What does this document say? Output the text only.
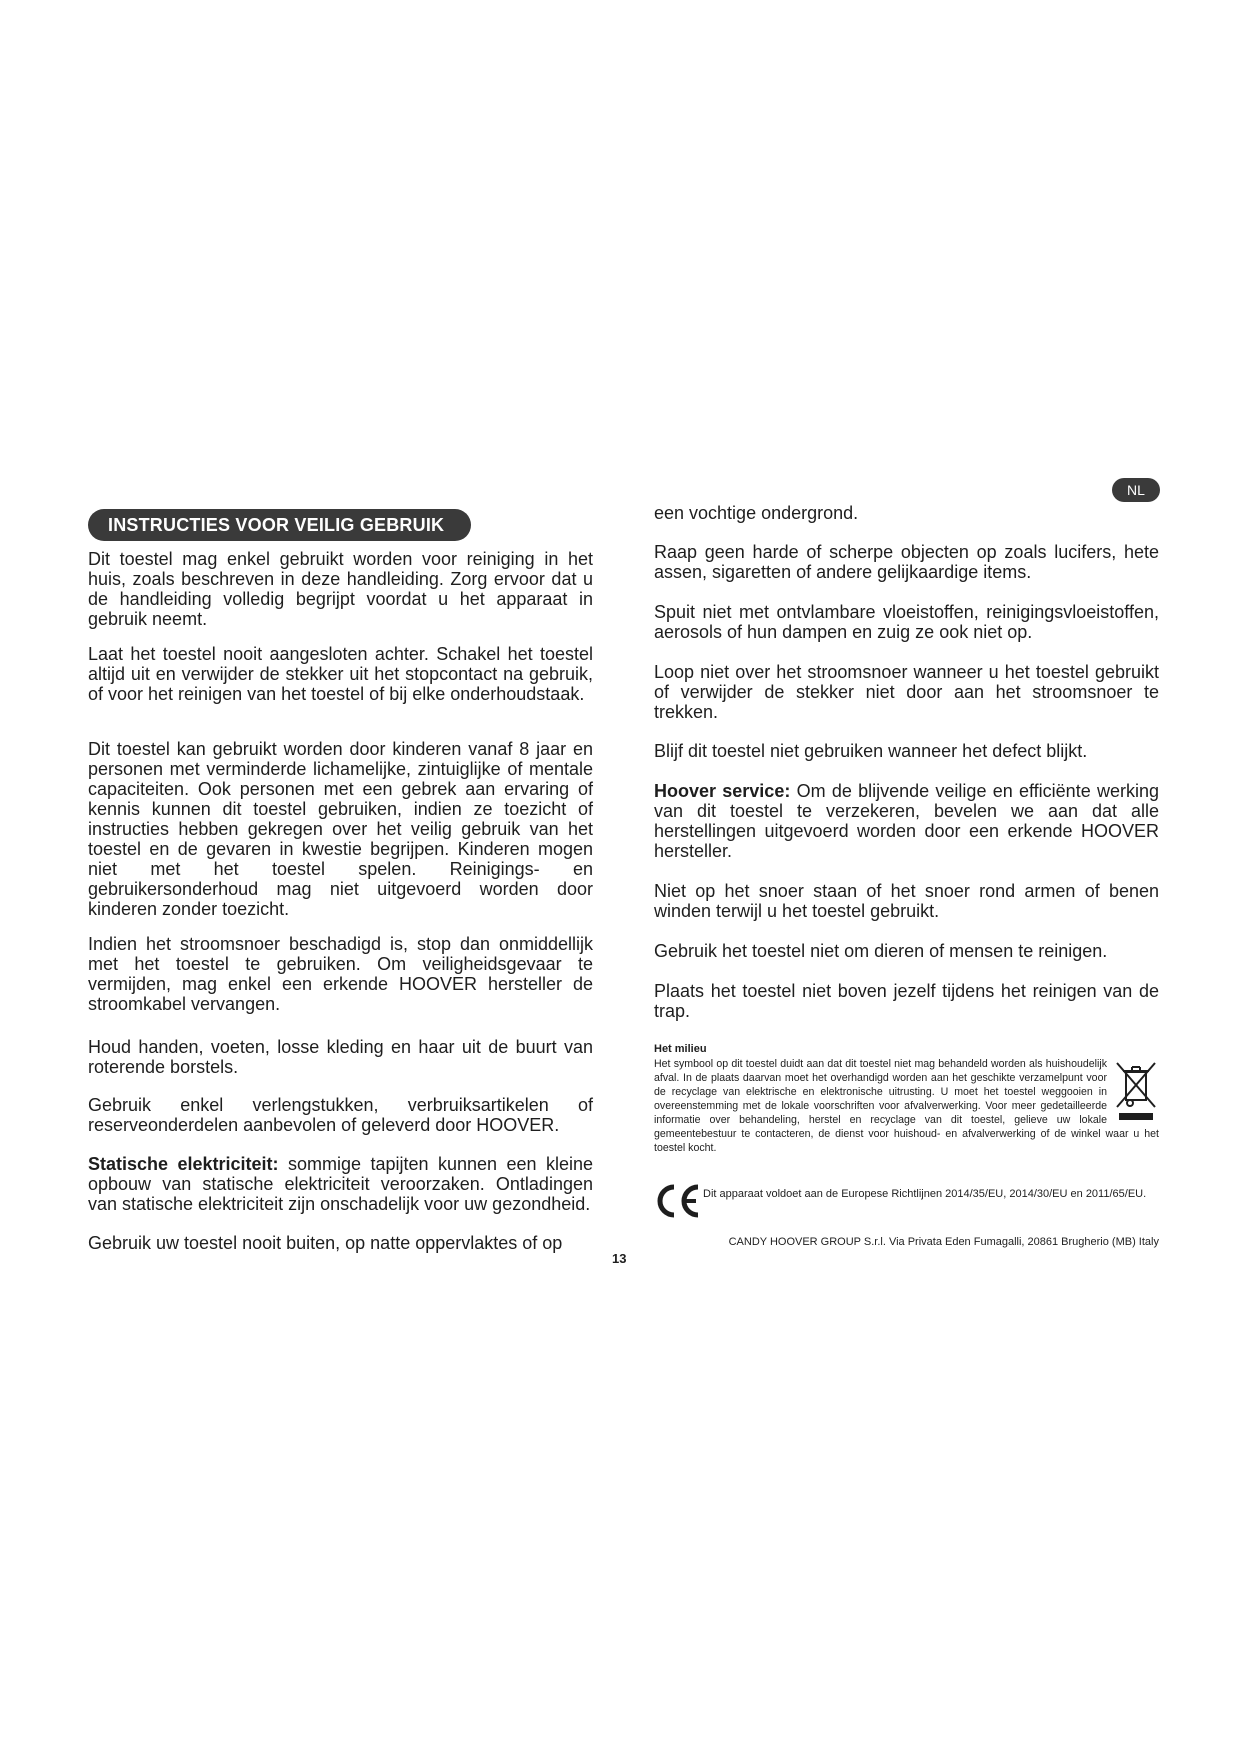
INSTRUCTIES VOOR VEILIG GEBRUIK
NL

Dit toestel mag enkel gebruikt worden voor reiniging in het huis, zoals beschreven in deze handleiding. Zorg ervoor dat u de handleiding volledig begrijpt voordat u het apparaat in gebruik neemt.

Laat het toestel nooit aangesloten achter. Schakel het toestel altijd uit en verwijder de stekker uit het stopcontact na gebruik, of voor het reinigen van het toestel of bij elke onderhoudstaak.

Dit toestel kan gebruikt worden door kinderen vanaf 8 jaar en personen met verminderde lichamelijke, zintuiglijke of mentale capaciteiten. Ook personen met een gebrek aan ervaring of kennis kunnen dit toestel gebruiken, indien ze toezicht of instructies hebben gekregen over het veilig gebruik van het toestel en de gevaren in kwestie begrijpen. Kinderen mogen niet met het toestel spelen. Reinigings- en gebruikersonderhoud mag niet uitgevoerd worden door kinderen zonder toezicht.

Indien het stroomsnoer beschadigd is, stop dan onmiddellijk met het toestel te gebruiken. Om veiligheidsgevaar te vermijden, mag enkel een erkende HOOVER hersteller de stroomkabel vervangen.

Houd handen, voeten, losse kleding en haar uit de buurt van roterende borstels.

Gebruik enkel verlengstukken, verbruiksartikelen of reserveonderdelen aanbevolen of geleverd door HOOVER.

Statische elektriciteit: sommige tapijten kunnen een kleine opbouw van statische elektriciteit veroorzaken. Ontladingen van statische elektriciteit zijn onschadelijk voor uw gezondheid.

Gebruik uw toestel nooit buiten, op natte oppervlaktes of op

13

een vochtige ondergrond.

Raap geen harde of scherpe objecten op zoals lucifers, hete assen, sigaretten of andere gelijkaardige items.

Spuit niet met ontvlambare vloeistoffen, reinigingsvloeistoffen, aerosols of hun dampen en zuig ze ook niet op.

Loop niet over het stroomsnoer wanneer u het toestel gebruikt of verwijder de stekker niet door aan het stroomsnoer te trekken.

Blijf dit toestel niet gebruiken wanneer het defect blijkt.

Hoover service: Om de blijvende veilige en efficiënte werking van dit toestel te verzekeren, bevelen we aan dat alle herstellingen uitgevoerd worden door een erkende HOOVER hersteller.

Niet op het snoer staan of het snoer rond armen of benen winden terwijl u het toestel gebruikt.

Gebruik het toestel niet om dieren of mensen te reinigen.

Plaats het toestel niet boven jezelf tijdens het reinigen van de trap.

Het milieu

Het symbool op dit toestel duidt aan dat dit toestel niet mag behandeld worden als huishoudelijk afval. In de plaats daarvan moet het overhandigd worden aan het geschikte verzamelpunt voor de recyclage van elektrische en elektronische uitrusting. U moet het toestel weggooien in overeenstemming met de lokale voorschriften voor afvalverwerking. Voor meer gedetailleerde informatie over behandeling, herstel en recyclage van dit toestel, gelieve uw lokale gemeentebestuur te contacteren, de dienst voor huishoud- en afvalverwerking of de winkel waar u het toestel kocht.

Dit apparaat voldoet aan de Europese Richtlijnen 2014/35/EU, 2014/30/EU en 2011/65/EU.

CANDY HOOVER GROUP S.r.l. Via Privata Eden Fumagalli, 20861 Brugherio (MB) Italy
